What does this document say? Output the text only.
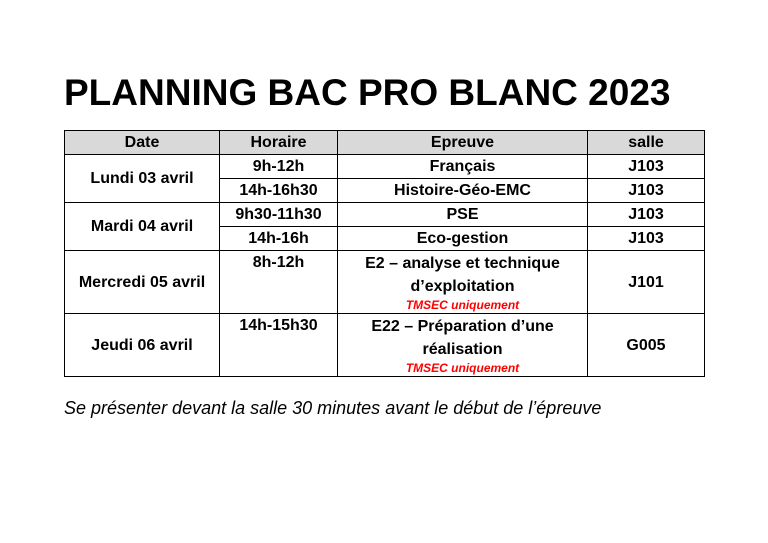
PLANNING BAC PRO BLANC 2023
Date	Horaire	Epreuve	salle
Lundi 03 avril	9h-12h	Français	J103
	14h-16h30	Histoire-Géo-EMC	J103
Mardi 04 avril	9h30-11h30	PSE	J103
	14h-16h	Eco-gestion	J103
Mercredi 05 avril	8h-12h	E2 – analyse et technique
d’exploitation
TMSEC uniquement	J101
Jeudi 06 avril	14h-15h30	E22 – Préparation d’une
réalisation
TMSEC uniquement	G005
Se présenter devant la salle 30 minutes avant le début de l’épreuve
